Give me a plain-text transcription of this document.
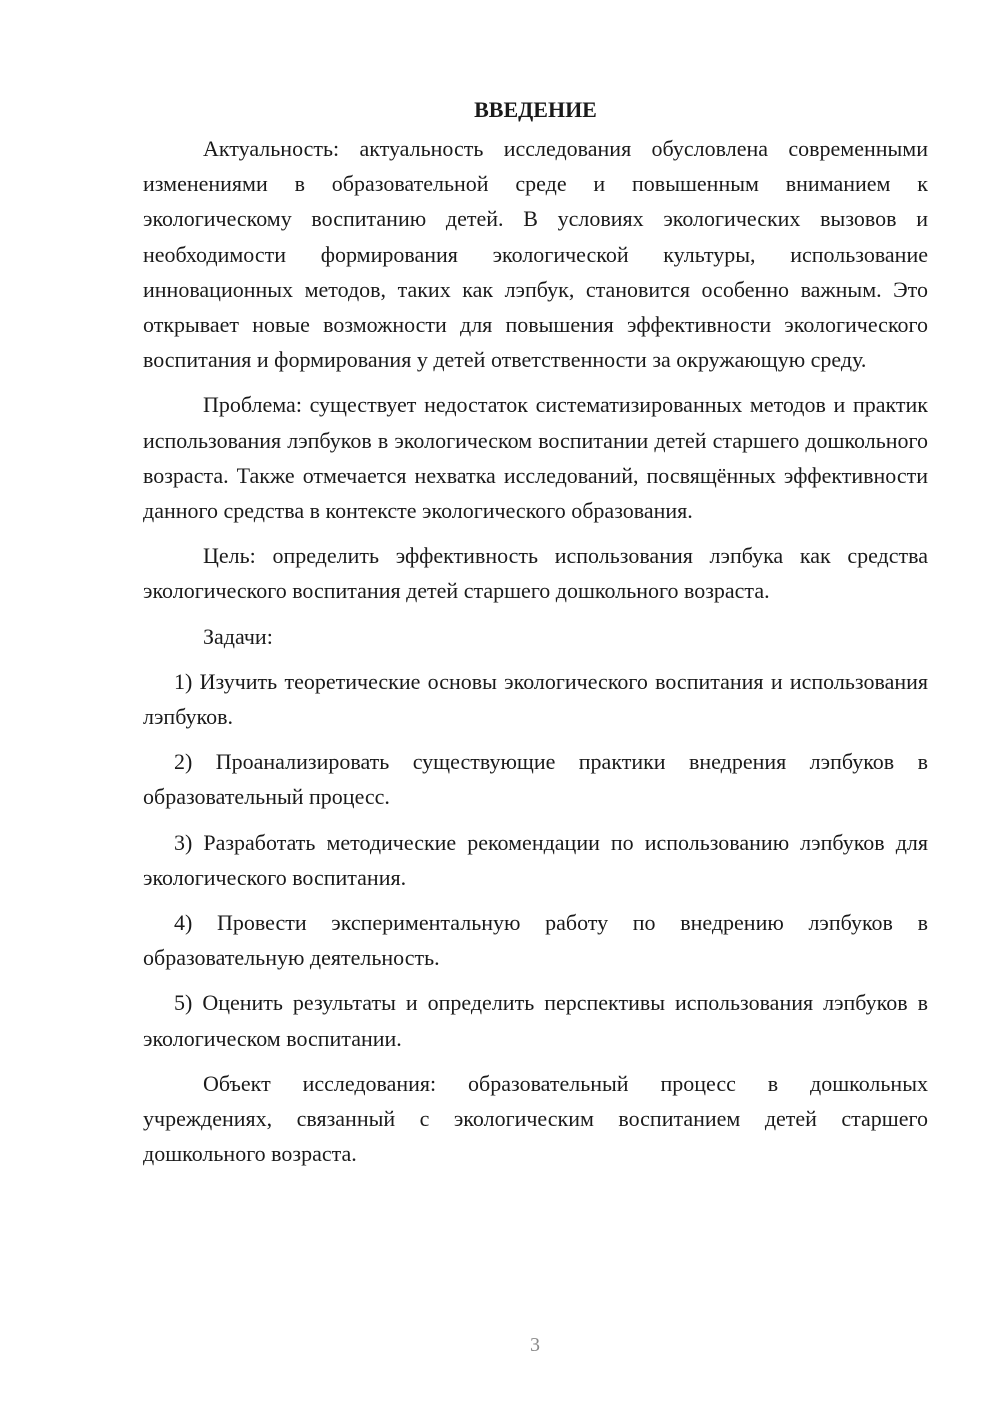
ВВЕДЕНИЕ

Актуальность: актуальность исследования обусловлена современными изменениями в образовательной среде и повышенным вниманием к экологическому воспитанию детей. В условиях экологических вызовов и необходимости формирования экологической культуры, использование инновационных методов, таких как лэпбук, становится особенно важным. Это открывает новые возможности для повышения эффективности экологического воспитания и формирования у детей ответственности за окружающую среду.

Проблема: существует недостаток систематизированных методов и практик использования лэпбуков в экологическом воспитании детей старшего дошкольного возраста. Также отмечается нехватка исследований, посвящённых эффективности данного средства в контексте экологического образования.

Цель: определить эффективность использования лэпбука как средства экологического воспитания детей старшего дошкольного возраста.

Задачи:

1) Изучить теоретические основы экологического воспитания и использования лэпбуков.

2) Проанализировать существующие практики внедрения лэпбуков в образовательный процесс.

3) Разработать методические рекомендации по использованию лэпбуков для экологического воспитания.

4) Провести экспериментальную работу по внедрению лэпбуков в образовательную деятельность.

5) Оценить результаты и определить перспективы использования лэпбуков в экологическом воспитании.

Объект исследования: образовательный процесс в дошкольных учреждениях, связанный с экологическим воспитанием детей старшего дошкольного возраста.

3
